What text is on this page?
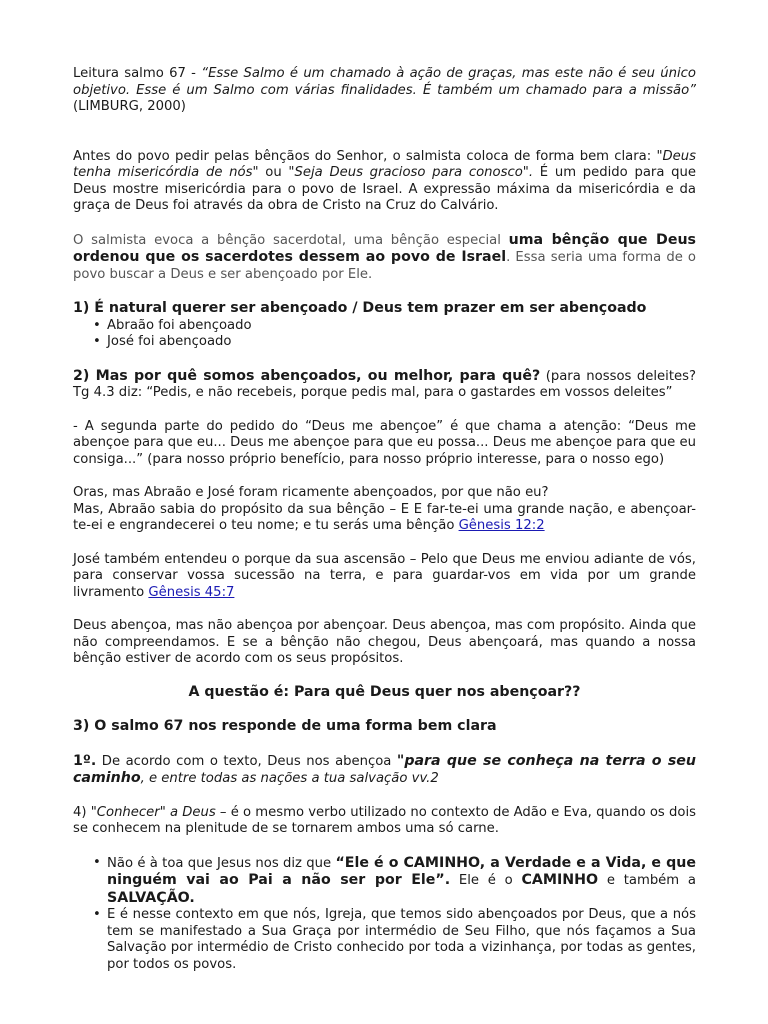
Leitura salmo 67 - “Esse Salmo é um chamado à ação de graças, mas este não é seu único objetivo. Esse é um Salmo com várias finalidades. É também um chamado para a missão” (LIMBURG, 2000)

Antes do povo pedir pelas bênçãos do Senhor, o salmista coloca de forma bem clara: "Deus tenha misericórdia de nós" ou "Seja Deus gracioso para conosco". É um pedido para que Deus mostre misericórdia para o povo de Israel. A expressão máxima da misericórdia e da graça de Deus foi através da obra de Cristo na Cruz do Calvário.

O salmista evoca a bênção sacerdotal, uma bênção especial uma bênção que Deus ordenou que os sacerdotes dessem ao povo de Israel. Essa seria uma forma de o povo buscar a Deus e ser abençoado por Ele.

1) É natural querer ser abençoado / Deus tem prazer em ser abençoado

• Abraão foi abençoado
• José foi abençoado

2) Mas por quê somos abençoados, ou melhor, para quê? (para nossos deleites? Tg 4.3 diz: “Pedis, e não recebeis, porque pedis mal, para o gastardes em vossos deleites”

- A segunda parte do pedido do “Deus me abençoe” é que chama a atenção: “Deus me abençoe para que eu... Deus me abençoe para que eu possa... Deus me abençoe para que eu consiga...” (para nosso próprio benefício, para nosso próprio interesse, para o nosso ego)

Oras, mas Abraão e José foram ricamente abençoados, por que não eu?

Mas, Abraão sabia do propósito da sua bênção – E E far-te-ei uma grande nação, e abençoar-te-ei e engrandecerei o teu nome; e tu serás uma bênção Gênesis 12:2

José também entendeu o porque da sua ascensão – Pelo que Deus me enviou adiante de vós, para conservar vossa sucessão na terra, e para guardar-vos em vida por um grande livramento Gênesis 45:7

Deus abençoa, mas não abençoa por abençoar. Deus abençoa, mas com propósito. Ainda que não compreendamos. E se a bênção não chegou, Deus abençoará, mas quando a nossa bênção estiver de acordo com os seus propósitos.

A questão é: Para quê Deus quer nos abençoar??

3) O salmo 67 nos responde de uma forma bem clara

1º. De acordo com o texto, Deus nos abençoa "para que se conheça na terra o seu caminho, e entre todas as nações a tua salvação vv.2

4) "Conhecer" a Deus – é o mesmo verbo utilizado no contexto de Adão e Eva, quando os dois se conhecem na plenitude de se tornarem ambos uma só carne.

• Não é à toa que Jesus nos diz que “Ele é o CAMINHO, a Verdade e a Vida, e que ninguém vai ao Pai a não ser por Ele”. Ele é o CAMINHO e também a SALVAÇÃO.
• E é nesse contexto em que nós, Igreja, que temos sido abençoados por Deus, que a nós tem se manifestado a Sua Graça por intermédio de Seu Filho, que nós façamos a Sua Salvação por intermédio de Cristo conhecido por toda a vizinhança, por todas as gentes, por todos os povos.
